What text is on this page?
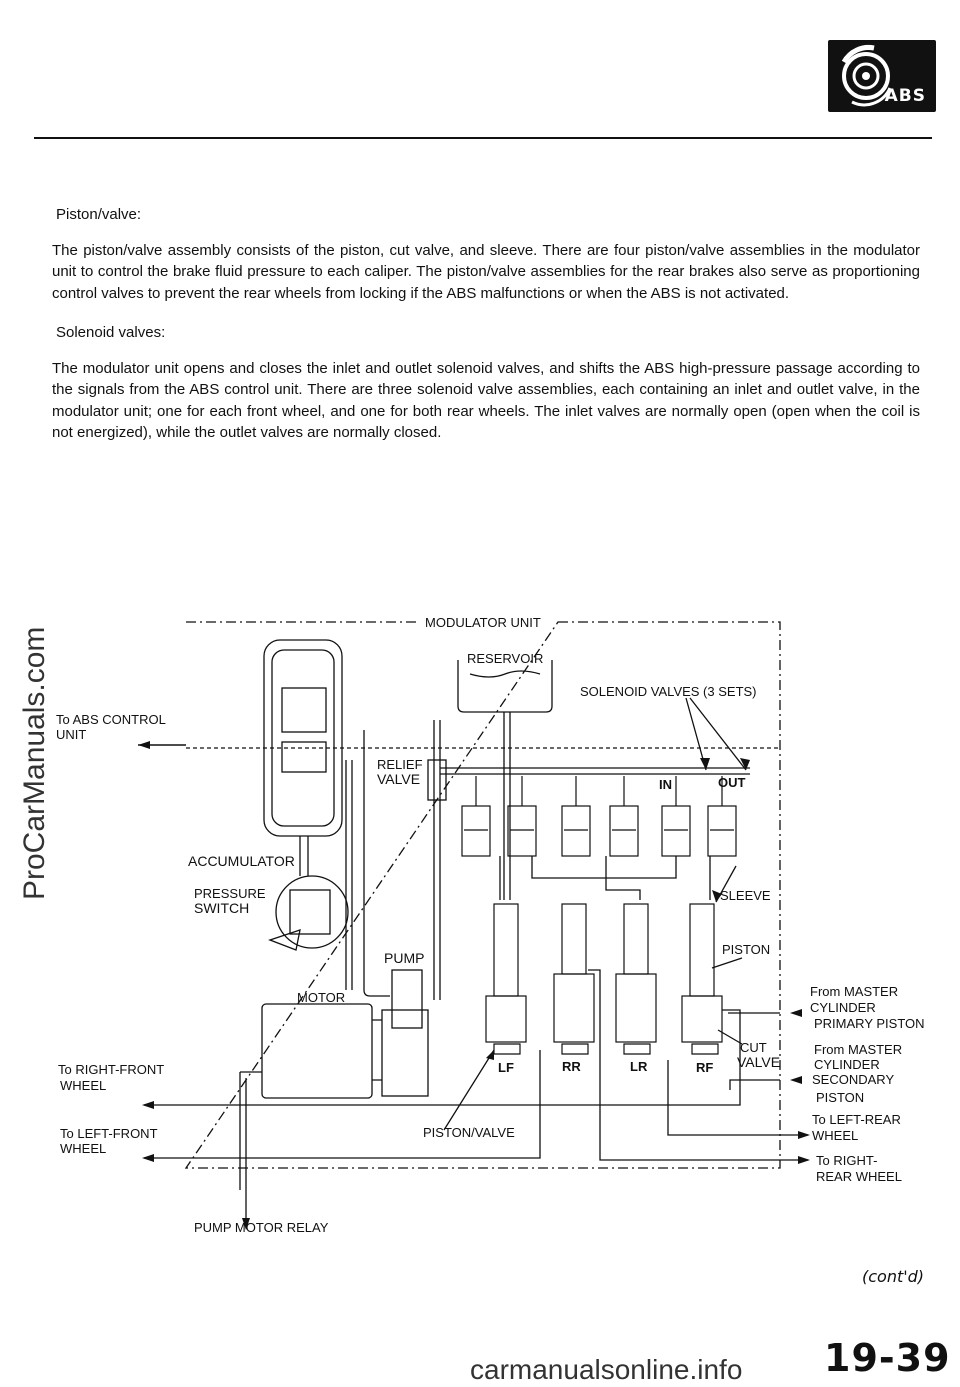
ABS
ProCarManuals.com

Piston/valve:

The piston/valve assembly consists of the piston, cut valve, and sleeve. There are four piston/valve assemblies in the modulator unit to control the brake fluid pressure to each caliper. The piston/valve assemblies for the rear brakes also serve as proportioning control valves to prevent the rear wheels from locking if the ABS malfunctions or when the ABS is not activated.

Solenoid valves:

The modulator unit opens and closes the inlet and outlet solenoid valves, and shifts the ABS high-pressure passage according to the signals from the ABS control unit. There are three solenoid valve assemblies, each containing an inlet and outlet valve, in the modulator unit; one for each front wheel, and one for both rear wheels. The inlet valves are normally open (open when the coil is not energized), while the outlet valves are normally closed.

MODULATOR UNIT
RESERVOIR
SOLENOID VALVES (3 SETS)
To ABS CONTROL
UNIT
RELIEF
VALVE	IN	OUT
ACCUMULATOR
PRESSURE
SWITCH
SLEEVE
PISTON
PUMP
MOTOR	From MASTER
CYLINDER
PRIMARY PISTON
From MASTER
CYLINDER
SECONDARY
PISTON
CUT
VALVE
To RIGHT-FRONT
WHEEL
To LEFT-FRONT
WHEEL
To LEFT-REAR
WHEEL
To RIGHT-
REAR WHEEL
PISTON/VALVE
PUMP MOTOR RELAY
LF	RR	LR	RF
(cont'd)
19-39
carmanualsonline.info
